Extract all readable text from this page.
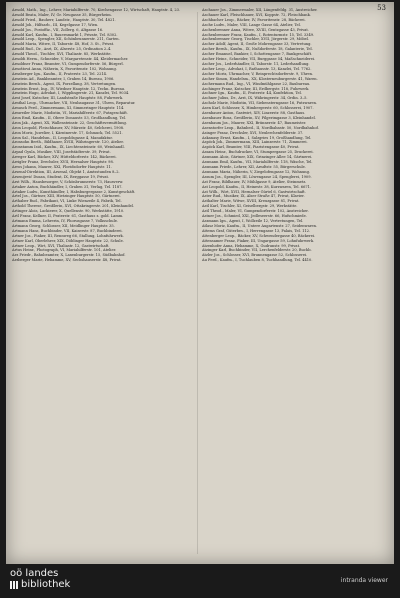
53

Arnold, Math., Ing., Lehrer, Mariahilferstr. 70, Kirchengasse 12, Wirtschaft, Hauptstr. 4, 23.

Arnold Beata, Maler, IV, Gr. Neugasse 35, Bürgerheim.

Arnold Fried., Bauherr, Landstr., Hauptstr. 30, Tel. 4821.

Arnold Joh., Hilfsarb., III, Kegelgasse 17, Wien.

Arnold Jos., Postoffiz., VII, Zollerg. 6, Altgasse 16.

Arnold Karl, Kaufm., I, Bauernmarkt 1, Private, Tel. 8302.

Arnold Leop., Spengler, XII, Schönbrunnerstr. 211, Garten.

Arnold Maria, Witwe, II, Taborstr. 48, Hof, 3. St., Privat.

Arnold Rud., Dr., Arzt, IX, Alserstr. 25, Ordination 2–4.

Arnold Theod., Tischler, XVI, Thaliastr. 85, Werkstätte.

Arnoldi Herm., Schneider, V, Margaretenstr. 44, Kleidermacher.

Arnoldner Franz, Beamter, VI, Gumpendorferstr. 56, Bürgerl.

Arnoštová Anna, Näherin, X, Favoritenstr. 102, Wohnung.

Arnsberger Ign., Kaufm., II, Praterstr. 23, Tel. 2214.

Arnstein Ad., Bankbeamter, I, Graben 14, Bureau, 1906.

Arnstein Bernh., Agent, IX, Porzellang. 38, Vertretungen.

Arnstein Ernst, Ing., IV, Wiedner Hauptstr. 12, Techn. Bureau.

Arnstein Hugo, Advokat, I, Wipplingerstr. 21, Kanzlei, Tel. 9034.

Arnt Josef, Kutscher, III, Landstraße Hauptstr. 88, Fuhrwerk.

Arnthal Leop., Uhrmacher, VII, Neubaugasse 31, Uhren, Reparatur.

Arnusch Ferd., Zimmermann, XI, Simmeringer Hauptstr. 114.

Arnweiler Marie, Modistin, VI, Mariahilferstr. 67, Putzgeschäft.

Aron Emil, Kaufm., II, Obere Donaustr. 53, Großhandlung, Tel.

Aron Jak., Agent, XX, Wallensteinstr. 22, Geschäftsvermittlung.

Aron Leopold, Fleischhauer, XV, Märzstr. 40, Selcherei, 1908.

Aron Moriz, Juwelier, I, Kärntnerstr. 17, Schmuck, Tel. 5521.

Aron Sal., Handelsm., II, Leopoldsgasse 4, Manufaktur.

Aronsohn Berth., Bildhauer, XVIII, Währingerstr. 120, Atelier.

Aronstamm Isid., Kaufm., IX, Liechtensteinstr. 60, Weinhandl.

Arpad Gyula, Musiker, VIII, Josefstädterstr. 39, Privat.

Arreger Karl, Bäcker, XIV, Hütteldorferstr. 142, Bäckerei.

Arrigler Franz, Drechsler, XVII, Hernalser Hauptstr. 98.

Arros Johann, Maurer, XXI, Floridsdorfer Hauptstr. 11.

Arsenal-Direktion, III, Arsenal, Objekt 1, Amtsstunden 8–2.

Arsenijević Dusan, Student, IX, Berggasse 19, Privat.

Arst Wilh., Hausbesorger, V, Schönbrunnerstr. 73, Hausverw.

Artaker Anton, Buchhändler, I, Graben 31, Verlag, Tel. 1187.

Artaker Ludw., Kunsthändler, I, Habsburgergasse 2, Kunstgeschäft.

Artel Jos., Gärtner, XIII, Hietzinger Hauptstr. 50, Gärtnerei.

Arthaber Rud., Fabrikant, VI, Linke Wienzeile 4, Fabrik, Tel.

Arthold Therese, Greißlerin, XVI, Ottakringerstr. 201, Kleinhandel.

Artinger Alois, Lackierer, X, Quellenstr. 90, Werkstätte, 1910.

Artl Franz, Kellner, II, Praterstr. 61, Gasthaus z. gold. Lamm.

Artmann Emma, Lehrerin, IV, Phorusgasse 7, Volksschule.

Artmann Georg, Schlosser, XII, Meidlinger Hauptstr. 35.

Artmann Hans, Buchbinder, VII, Kaiserstr. 87, Buchbinderei.

Artner Jos., Fiaker, III, Rennweg 66, Stallung, Lohnfuhrwerk.

Artner Karl, Oberlehrer, XIX, Döblinger Hauptstr. 22, Schule.

Artner Leop., Wirt, XVI, Thaliastr. 12, Gastwirtschaft.

Artus Heinr., Photograph, VI, Mariahilferstr. 101, Atelier.

Arz Friedr., Bahnbeamter, X, Laxenburgerstr. 15, Südbahnhof.

Arzberger Marie, Hebamme, XV, Sechshauserstr. 48, Privat.

Aschauer Jos., Zimmermaler, XII, Längenfeldg. 31, Anstreicher.

Aschauer Karl, Fleischhauer, XVI, Koppstr. 72, Fleischbank.

Aschbacher Leop., Bäcker, IV, Favoritenstr. 28, Bäckerei.

Asche Ludw., Maler, VIII, Lange Gasse 64, Atelier, Tel.

Aschenbrenner Anna, Witwe, XVIII, Gentzgasse 43, Privat.

Aschenbrenner Franz, Kaufm., I, Rotenturmstr. 15, Tel. 3349.

Aschenbrenner Georg, Tischler, XVII, Jörgerstr. 29, Möbel.

Ascher Adolf, Agent, II, Große Mohrengasse 33, Vertretung.

Ascher Bernh., Kaufm., IX, Nußdorferstr. 18, Galanterie, Tel.

Ascher Emanuel, Bankier, I, Schottengasse 7, Bankgeschäft.

Ascher Heinr., Schneider, VII, Burggasse 54, Maßschneiderei.

Ascher Jos., Lederhändler, II, Taborstr. 11, Lederhandlung.

Ascher Leop., Advokat, I, Rathausstr. 13, Kanzlei, Tel. 7762.

Ascher Moriz, Uhrmacher, V, Reinprechtsdorferstr. 9, Uhren.

Ascher Simon, Handelsm., XX, Klosterneuburgerstr. 41, Waren.

Aschermann Rud., Ing., VI, Windmühlgasse 22, Baubureau.

Aschinger Franz, Kutscher, III, Erdbergstr. 118, Fuhrwerk.

Aschner Ign., Kaufm., II, Praterstr. 44, Konfektion, Tel.

Aschner Julius, Dr., Arzt, IX, Währingerstr. 34, Ordin. 3–5.

Ascholz Marie, Modistin, VII, Siebensterngasse 16, Putzwaren.

Asen Karl, Schlosser, X, Himbergerstr. 60, Schlosserei, 1907.

Asenbauer Anton, Gastwirt, XIV, Linzerstr. 88, Gasthaus.

Asenbauer Rosa, Greißlerin, XV, Pilgerimgasse 3, Kleinhandel.

Asenbaum Jos., Maurer, XXI, Brünnerstr. 47, Baumeister.

Asenstorfer Leop., Bahnbed., II, Nordbahnstr. 50, Nordbahnhof.

Asinger Franz, Drechsler, XVI, Neulerchenfelderstr. 37.

Askanasy Ernst, Kaufm., I, Salzgries 19, Großhandlung, Tel.

Aspöck Joh., Zimmermann, XIII, Lainzerstr. 71, Zimmerei.

Aspöck Karl, Beamter, VIII, Piaristengasse 40, Privat.

Assam Heinr., Buchdrucker, VI, Stumpergasse 25, Druckerei.

Assmann Alois, Gärtner, XIX, Grinzinger Allee 14, Gärtnerei.

Assmann Emil, Kaufm., VII, Mariahilferstr. 118, Wäsche, Tel.

Assmann Friedr., Lehrer, XII, Arndtstr. 55, Bürgerschule.

Assmann Maria, Näherin, V, Ziegelofengasse 12, Wohnung.

Assum Jos., Spengler, III, Löwengasse 24, Spenglerei, 1909.

Ast Franz, Bildhauer, IV, Mühlgasse 9, Atelier, Steinmetz.

Ast Leopold, Kaufm., II, Heinestr. 38, Kurzwaren, Tel. 6671.

Ast Wilh., Wirt, XVII, Hernalser Gürtel 6, Gastwirtschaft.

Aster Rud., Musiker, IX, Alser Straße 47, Privat, Klavier.

Asthalter Marie, Witwe, XVIII, Kreuzgasse 81, Privat.

Astl Karl, Tischler, XI, Geiselbergstr. 29, Werkstätte.

Astl Theod., Maler, VI, Gumpendorferstr. 102, Anstreicher.

Astner Jos., Schmied, XXI, Jedleseerstr. 66, Hufschmiede.

Aszmann Ign., Agent, I, Wollzeile 12, Vertretungen, Tel.

Atlasz Moriz, Kaufm., II, Untere Augartenstr. 27, Seidenwaren.

Attems Graf, Güterbes., I, Herrengasse 13, Palais, Tel. 112.

Attenberger Leop., Bäcker, XV, Schwendergasse 40, Bäckerei.

Attensamer Franz, Fiaker, III, Ungargasse 59, Lohnfuhrwerk.

Atzenhofer Anna, Hebamme, X, Gudrunstr. 99, Privat.

Atzinger Karl, Buchbinder, VII, Lerchenfelderstr. 20, Buchb.

Atzler Jos., Schlosser, XVI, Brunnengasse 52, Schlosserei.

Au Ferd., Kaufm., I, Tuchlauben 8, Tuchhandlung, Tel. 4410.

oö landes
bibliothek	intranda viewer
